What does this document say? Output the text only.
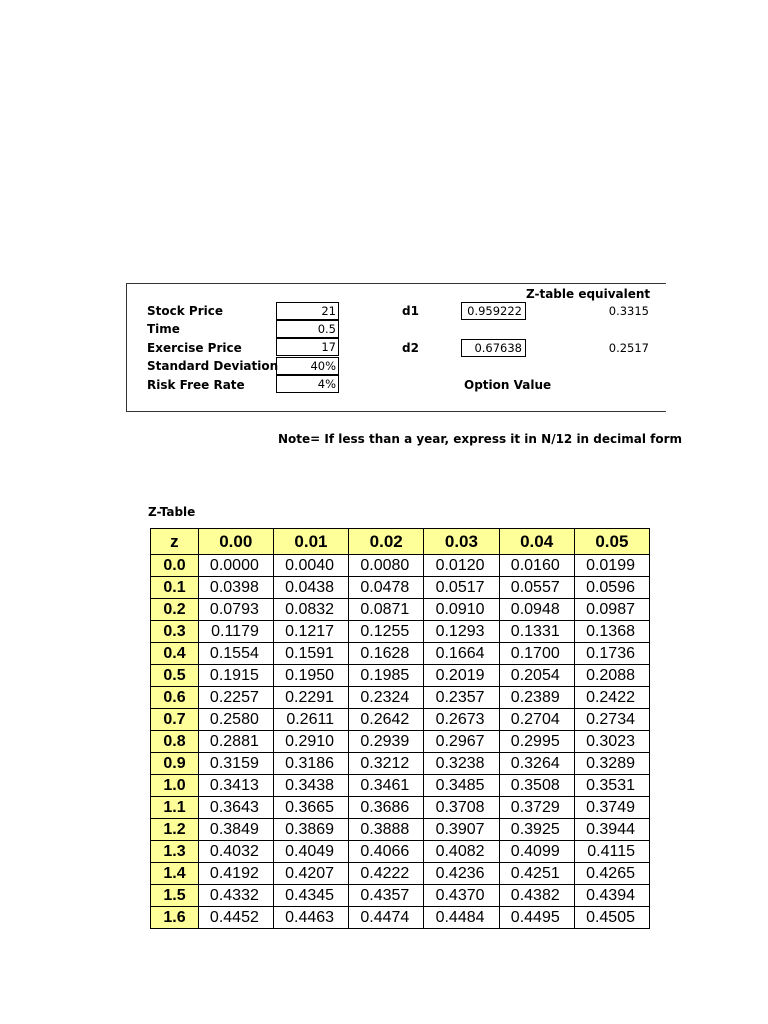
Z-table equivalent
Stock Price	21
Time	0.5
Exercise Price	17
Standard Deviation	40%
Risk Free Rate	4%
d1	0.959222	0.3315
d2	0.67638	0.2517
Option Value
Note= If less than a year, express it in N/12 in decimal form
Z-Table
z	0.00	0.01	0.02	0.03	0.04	0.05
0.0	0.0000	0.0040	0.0080	0.0120	0.0160	0.0199
0.1	0.0398	0.0438	0.0478	0.0517	0.0557	0.0596
0.2	0.0793	0.0832	0.0871	0.0910	0.0948	0.0987
0.3	0.1179	0.1217	0.1255	0.1293	0.1331	0.1368
0.4	0.1554	0.1591	0.1628	0.1664	0.1700	0.1736
0.5	0.1915	0.1950	0.1985	0.2019	0.2054	0.2088
0.6	0.2257	0.2291	0.2324	0.2357	0.2389	0.2422
0.7	0.2580	0.2611	0.2642	0.2673	0.2704	0.2734
0.8	0.2881	0.2910	0.2939	0.2967	0.2995	0.3023
0.9	0.3159	0.3186	0.3212	0.3238	0.3264	0.3289
1.0	0.3413	0.3438	0.3461	0.3485	0.3508	0.3531
1.1	0.3643	0.3665	0.3686	0.3708	0.3729	0.3749
1.2	0.3849	0.3869	0.3888	0.3907	0.3925	0.3944
1.3	0.4032	0.4049	0.4066	0.4082	0.4099	0.4115
1.4	0.4192	0.4207	0.4222	0.4236	0.4251	0.4265
1.5	0.4332	0.4345	0.4357	0.4370	0.4382	0.4394
1.6	0.4452	0.4463	0.4474	0.4484	0.4495	0.4505
